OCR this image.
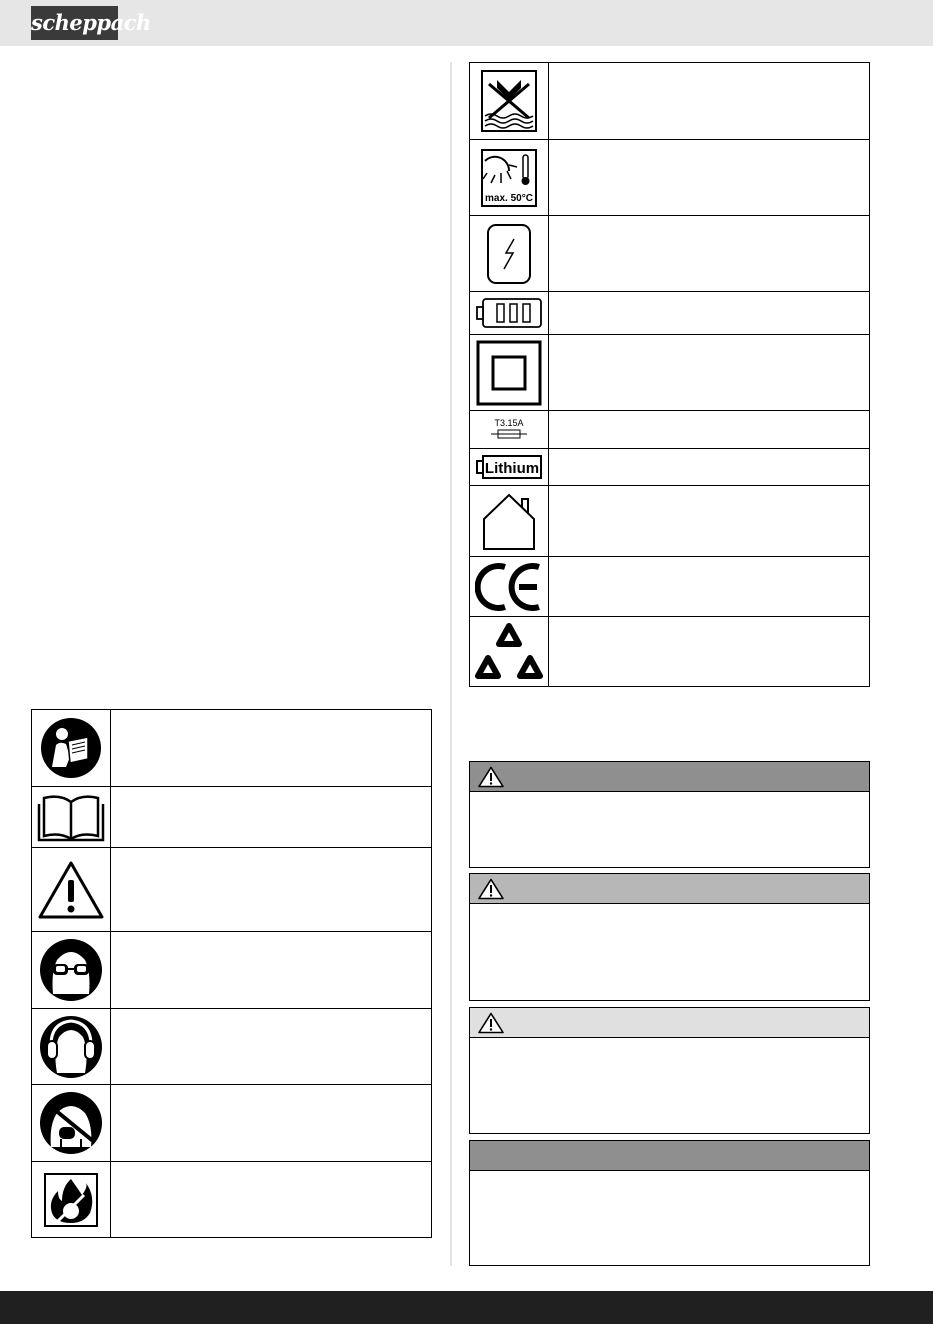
scheppach

max. 50°C	

T3.15A	

Lithium	
